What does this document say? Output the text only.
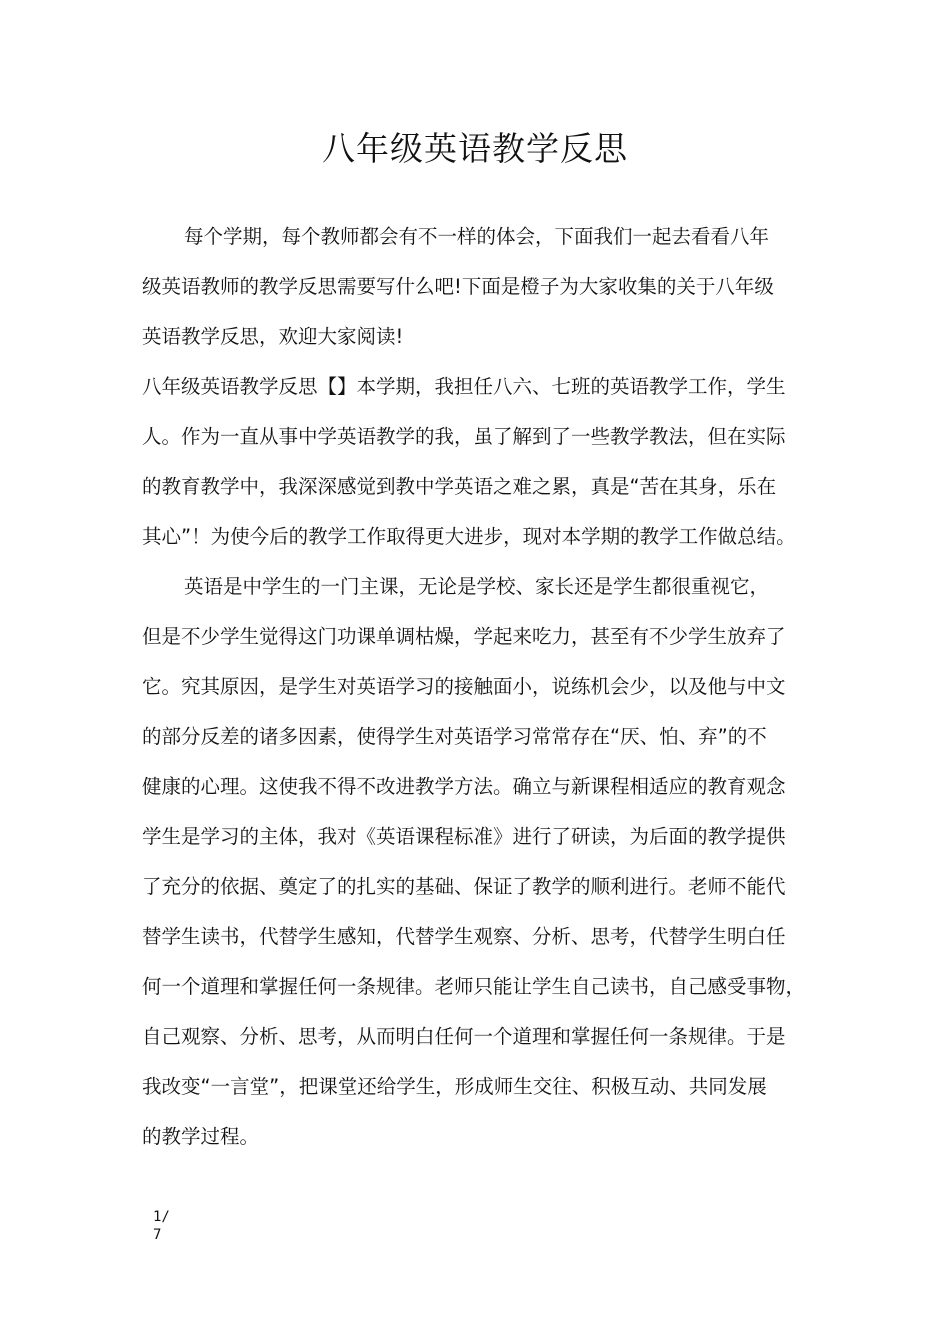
八年级英语教学反思
每个学期，每个教师都会有不一样的体会，下面我们一起去看看八年
级英语教师的教学反思需要写什么吧!下面是橙子为大家收集的关于八年级
英语教学反思，欢迎大家阅读!
八年级英语教学反思【】本学期，我担任八六、七班的英语教学工作，学生
人。作为一直从事中学英语教学的我，虽了解到了一些教学教法，但在实际
的教育教学中，我深深感觉到教中学英语之难之累，真是“苦在其身，乐在
其心”！为使今后的教学工作取得更大进步，现对本学期的教学工作做总结。
英语是中学生的一门主课，无论是学校、家长还是学生都很重视它，
但是不少学生觉得这门功课单调枯燥，学起来吃力，甚至有不少学生放弃了
它。究其原因，是学生对英语学习的接触面小，说练机会少，以及他与中文
的部分反差的诸多因素，使得学生对英语学习常常存在“厌、怕、弃”的不
健康的心理。这使我不得不改进教学方法。确立与新课程相适应的教育观念
学生是学习的主体，我对《英语课程标准》进行了研读，为后面的教学提供
了充分的依据、奠定了的扎实的基础、保证了教学的顺利进行。老师不能代
替学生读书，代替学生感知，代替学生观察、分析、思考，代替学生明白任
何一个道理和掌握任何一条规律。老师只能让学生自己读书，自己感受事物，
自己观察、分析、思考，从而明白任何一个道理和掌握任何一条规律。于是
我改变“一言堂”，把课堂还给学生，形成师生交往、积极互动、共同发展
的教学过程。
1/
7
